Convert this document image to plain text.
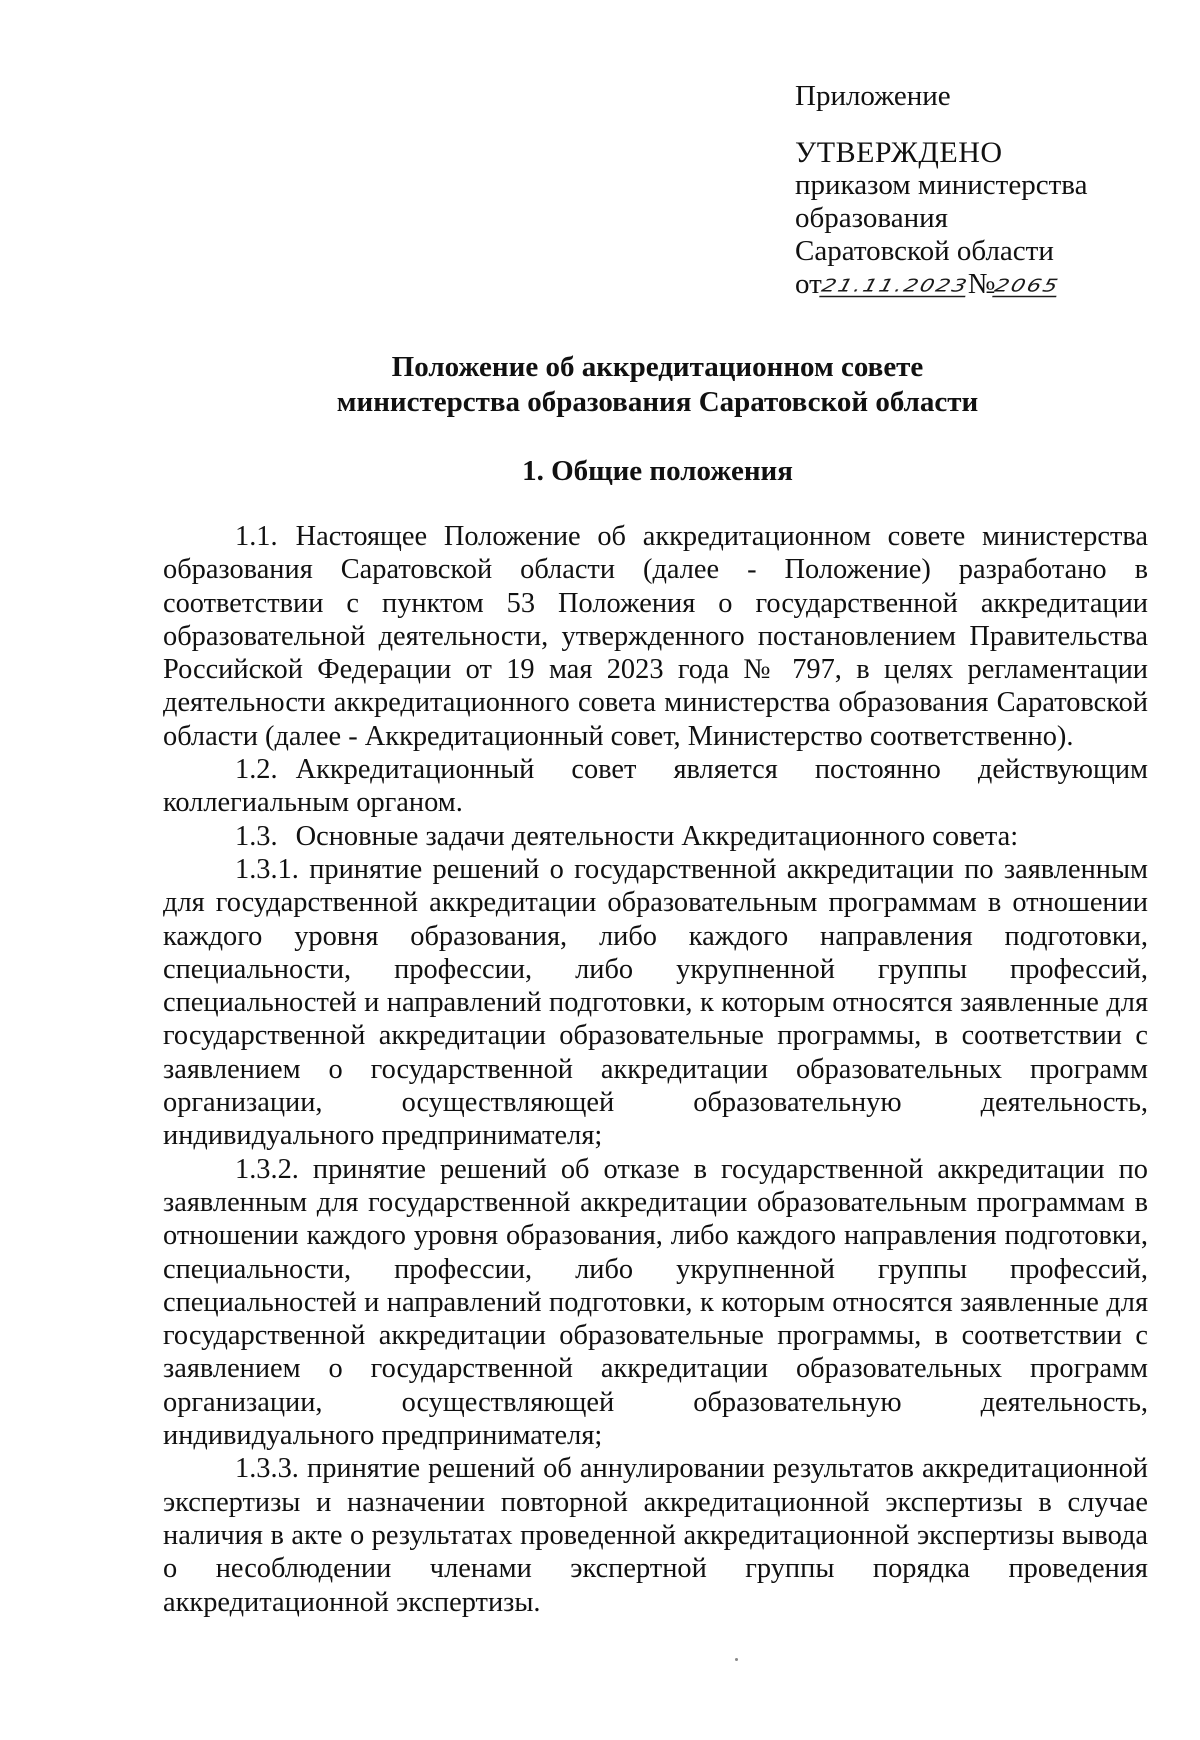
Приложение

УТВЕРЖДЕНО

приказом министерства

образования

Саратовской области

от
21.11.2023
№
2065

Положение об аккредитационном совете
министерства образования Саратовской области
1. Общие положения

1.1. Настоящее Положение об аккредитационном совете министерства образования Саратовской области (далее - Положение) разработано в соответствии с пунктом 53 Положения о государственной аккредитации образовательной деятельности, утвержденного постановлением Правительства Российской Федерации от 19 мая 2023 года № 797, в целях регламентации деятельности аккредитационного совета министерства образования Саратовской области (далее - Аккредитационный совет, Министерство соответственно).

1.2. Аккредитационный совет является постоянно действующим коллегиальным органом.

1.3. Основные задачи деятельности Аккредитационного совета:

1.3.1. принятие решений о государственной аккредитации по заявленным для государственной аккредитации образовательным программам в отношении каждого уровня образования, либо каждого направления подготовки, специальности, профессии, либо укрупненной группы профессий, специальностей и направлений подготовки, к которым относятся заявленные для государственной аккредитации образовательные программы, в соответствии с заявлением о государственной аккредитации образовательных программ организации, осуществляющей образовательную деятельность, индивидуального предпринимателя;

1.3.2. принятие решений об отказе в государственной аккредитации по заявленным для государственной аккредитации образовательным программам в отношении каждого уровня образования, либо каждого направления подготовки, специальности, профессии, либо укрупненной группы профессий, специальностей и направлений подготовки, к которым относятся заявленные для государственной аккредитации образовательные программы, в соответствии с заявлением о государственной аккредитации образовательных программ организации, осуществляющей образовательную деятельность, индивидуального предпринимателя;

1.3.3. принятие решений об аннулировании результатов аккредитационной экспертизы и назначении повторной аккредитационной экспертизы в случае наличия в акте о результатах проведенной аккредитационной экспертизы вывода о несоблюдении членами экспертной группы порядка проведения аккредитационной экспертизы.
